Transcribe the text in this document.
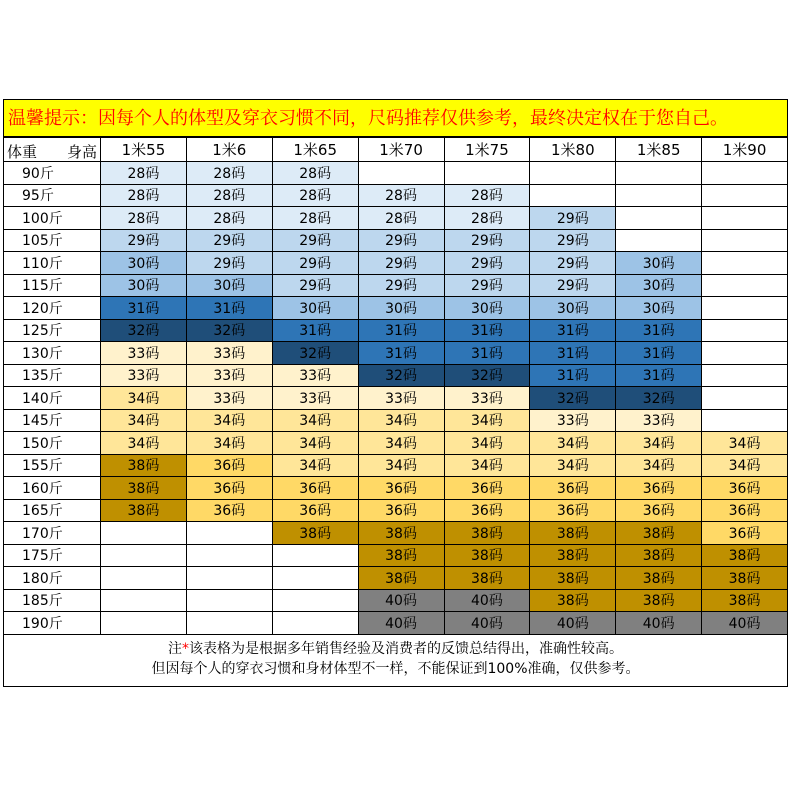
温馨提示：因每个人的体型及穿衣习惯不同，尺码推荐仅供参考，最终决定权在于您自己。
体重 身高	1米55	1米6	1米65	1米70	1米75	1米80	1米85	1米90
90斤	28码	28码	28码					
95斤	28码	28码	28码	28码	28码			
100斤	28码	28码	28码	28码	28码	29码		
105斤	29码	29码	29码	29码	29码	29码		
110斤	30码	29码	29码	29码	29码	29码	30码	
115斤	30码	30码	29码	29码	29码	29码	30码	
120斤	31码	31码	30码	30码	30码	30码	30码	
125斤	32码	32码	31码	31码	31码	31码	31码	
130斤	33码	33码	32码	31码	31码	31码	31码	
135斤	33码	33码	33码	32码	32码	31码	31码	
140斤	34码	33码	33码	33码	33码	32码	32码	
145斤	34码	34码	34码	34码	34码	33码	33码	
150斤	34码	34码	34码	34码	34码	34码	34码	34码
155斤	38码	36码	34码	34码	34码	34码	34码	34码
160斤	38码	36码	36码	36码	36码	36码	36码	36码
165斤	38码	36码	36码	36码	36码	36码	36码	36码
170斤			38码	38码	38码	38码	38码	36码
175斤				38码	38码	38码	38码	38码
180斤				38码	38码	38码	38码	38码
185斤				40码	40码	38码	38码	38码
190斤				40码	40码	40码	40码	40码
注*该表格为是根据多年销售经验及消费者的反馈总结得出，准确性较高。
但因每个人的穿衣习惯和身材体型不一样，不能保证到100%准确，仅供参考。
